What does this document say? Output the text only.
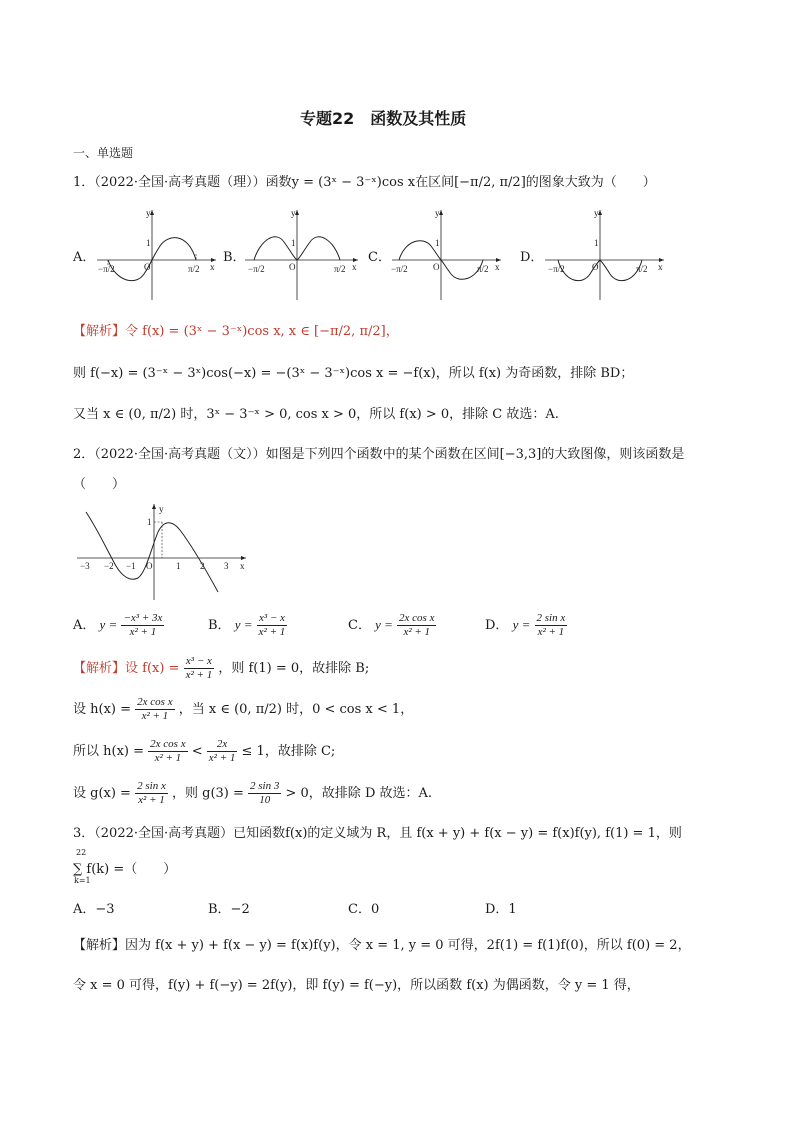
专题22　函数及其性质
一、单选题
1．（2022·全国·高考真题（理））函数y = (3ˣ − 3⁻ˣ)cos x在区间[−π/2, π/2]的图象大致为（　　）
A．
y
x
1
O
−π/2	π/2
B．
y
x
1
O
−π/2	π/2
C．
y
x
1
O
−π/2	π/2
D．
y
x
1
O
−π/2	π/2
【解析】令 f(x) = (3ˣ − 3⁻ˣ)cos x, x ∈ [−π/2, π/2]，
则 f(−x) = (3⁻ˣ − 3ˣ)cos(−x) = −(3ˣ − 3⁻ˣ)cos x = −f(x)，所以 f(x) 为奇函数，排除 BD；
又当 x ∈ (0, π/2) 时，3ˣ − 3⁻ˣ > 0, cos x > 0，所以 f(x) > 0，排除 C 故选：A.
2．（2022·全国·高考真题（文））如图是下列四个函数中的某个函数在区间[−3,3]的大致图像，则该函数是
（　　）
−3 −2 −1 O	1 2 3
y
x
1
A． $y = \frac{\text{−x³ + 3x}}{\text{x² + 1}}$	B． $y = \frac{\text{x³ − x}}{\text{x² + 1}}$	C． $y = \frac{\text{2x cos x}}{\text{x² + 1}}$	D． $y = \frac{\text{2 sin x}}{\text{x² + 1}}$
【解析】设 $f(x) = \frac{\text{x³ − x}}{\text{x² + 1}}$ ，则 f(1) = 0，故排除 B;
设 $h(x) = \frac{\text{2x cos x}}{\text{x² + 1}}$ ，当 x ∈ (0, π/2) 时，0 < cos x < 1，
所以 $h(x) = \frac{\text{2x cos x}}{\text{x² + 1}} < \frac{2x}{\text{x² + 1}} \le 1$，故排除 C;
设 $g(x) = \frac{\text{2 sin x}}{\text{x² + 1}}$ ，则 $g(3) = \frac{2 \sin 3}{10} > 0$，故排除 D 故选：A.
3．（2022·全国·高考真题）已知函数f(x)的定义域为 R，且 f(x + y) + f(x − y) = f(x)f(y), f(1) = 1，则
22
∑ f(k) =（　　）
k=1
A．−3	B．−2	C．0	D．1
【解析】因为 f(x + y) + f(x − y) = f(x)f(y)，令 x = 1, y = 0 可得，2f(1) = f(1)f(0)，所以 f(0) = 2，
令 x = 0 可得，f(y) + f(−y) = 2f(y)，即 f(y) = f(−y)，所以函数 f(x) 为偶函数，令 y = 1 得，
